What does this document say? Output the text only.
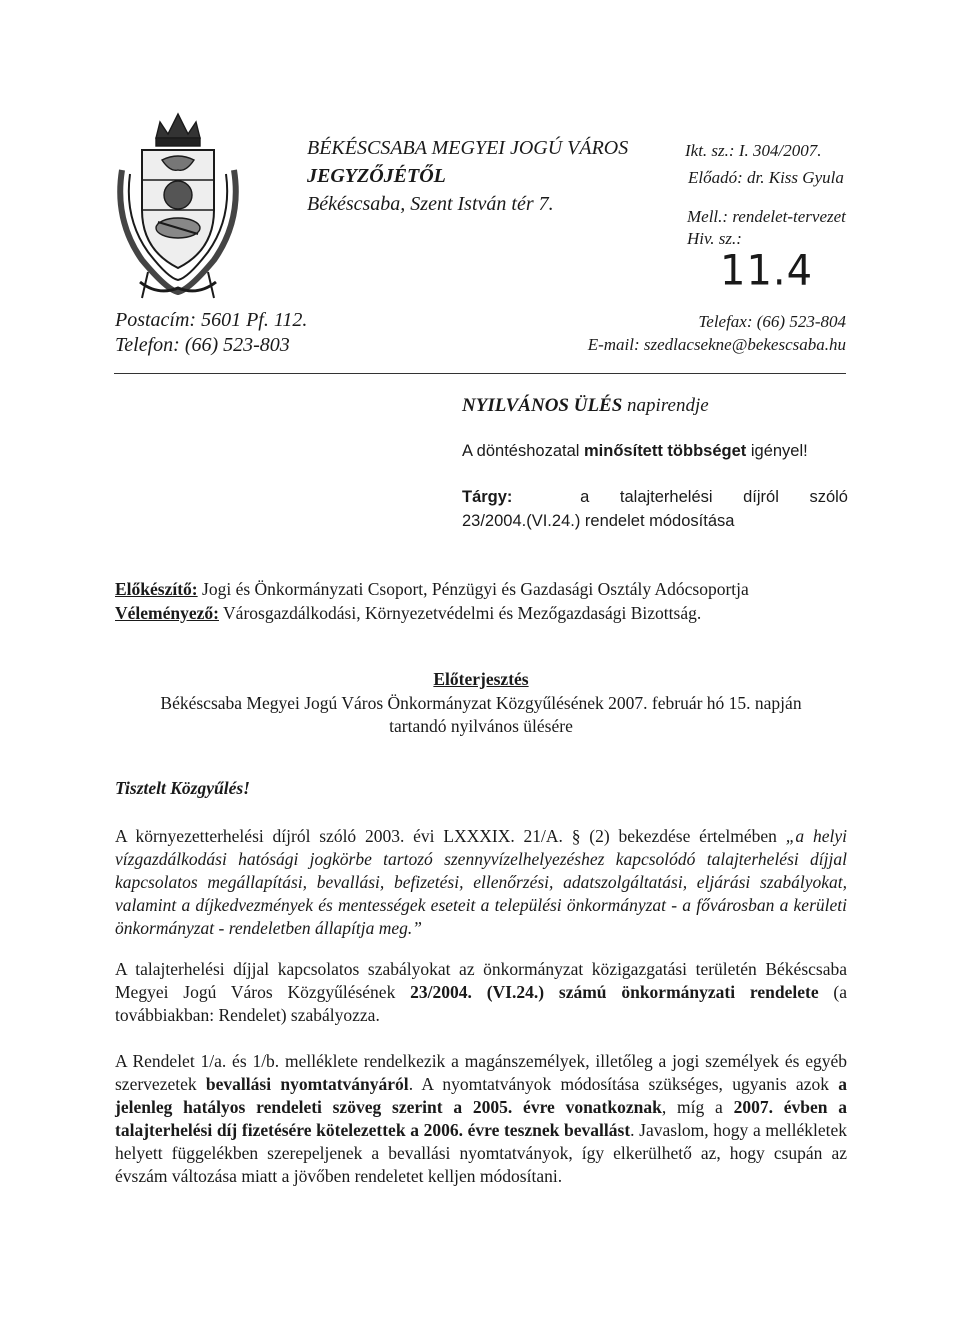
BÉKÉSCSABA MEGYEI JOGÚ VÁROS
JEGYZŐJÉTŐL
Békéscsaba, Szent István tér 7.
Ikt. sz.: I. 304/2007.
Előadó: dr. Kiss Gyula
Mell.: rendelet-tervezet
Hiv. sz.:
11.4
Postacím: 5601 Pf. 112.
Telefon: (66) 523-803
Telefax: (66) 523-804
E-mail: szedlacsekne@bekescsaba.hu
NYILVÁNOS ÜLÉS napirendje
A döntéshozatal minősített többséget igényel!
Tárgy:	a talajterhelési díjról szóló
23/2004.(VI.24.) rendelet módosítása
Előkészítő: Jogi és Önkormányzati Csoport, Pénzügyi és Gazdasági Osztály Adócsoportja
Véleményező: Városgazdálkodási, Környezetvédelmi és Mezőgazdasági Bizottság.
Előterjesztés
Békéscsaba Megyei Jogú Város Önkormányzat Közgyűlésének 2007. február hó 15. napján
tartandó nyilvános ülésére
Tisztelt Közgyűlés!
A környezetterhelési díjról szóló 2003. évi LXXXIX. 21/A. § (2) bekezdése értelmében „a helyi vízgazdálkodási hatósági jogkörbe tartozó szennyvízelhelyezéshez kapcsolódó talajterhelési díjjal kapcsolatos megállapítási, bevallási, befizetési, ellenőrzési, adatszolgáltatási, eljárási szabályokat, valamint a díjkedvezmények és mentességek eseteit a települési önkormányzat - a fővárosban a kerületi önkormányzat - rendeletben állapítja meg.”
A talajterhelési díjjal kapcsolatos szabályokat az önkormányzat közigazgatási területén Békéscsaba Megyei Jogú Város Közgyűlésének 23/2004. (VI.24.) számú önkormányzati rendelete (a továbbiakban: Rendelet) szabályozza.
A Rendelet 1/a. és 1/b. melléklete rendelkezik a magánszemélyek, illetőleg a jogi személyek és egyéb szervezetek bevallási nyomtatványáról. A nyomtatványok módosítása szükséges, ugyanis azok a jelenleg hatályos rendeleti szöveg szerint a 2005. évre vonatkoznak, míg a 2007. évben a talajterhelési díj fizetésére kötelezettek a 2006. évre tesznek bevallást. Javaslom, hogy a mellékletek helyett függelékben szerepeljenek a bevallási nyomtatványok, így elkerülhető az, hogy csupán az évszám változása miatt a jövőben rendeletet kelljen módosítani.
